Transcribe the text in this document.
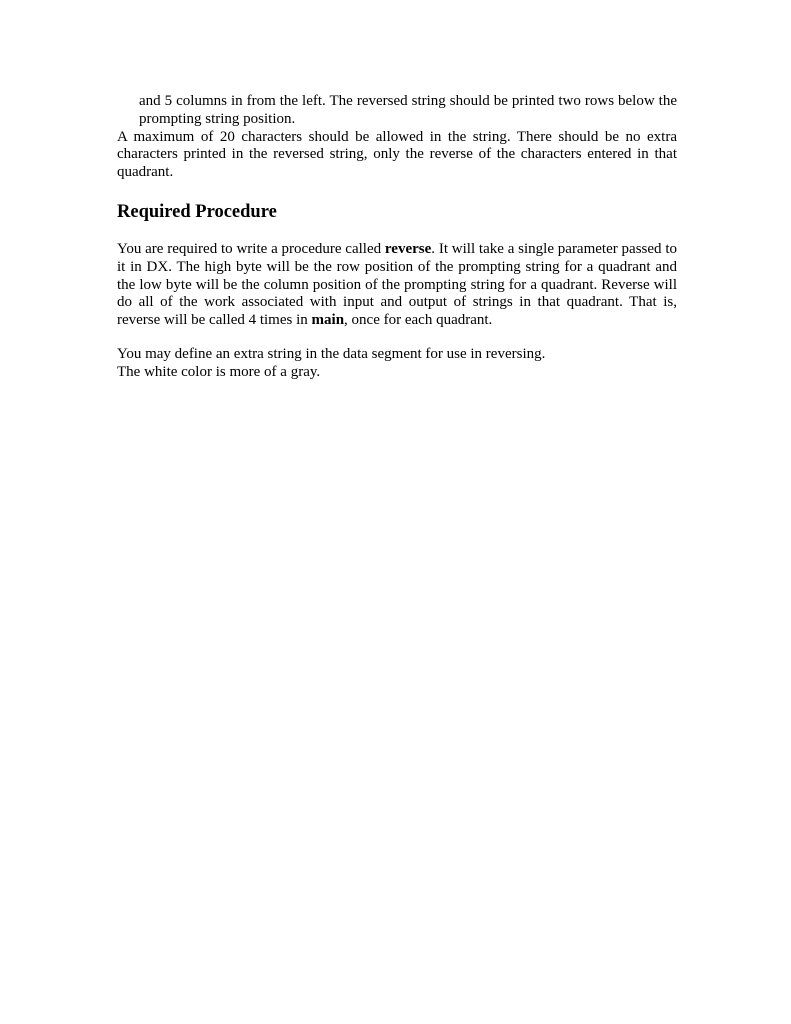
and 5 columns in from the left. The reversed string should be printed two rows below the prompting string position.

A maximum of 20 characters should be allowed in the string. There should be no extra characters printed in the reversed string, only the reverse of the characters entered in that quadrant.

Required Procedure

You are required to write a procedure called reverse. It will take a single parameter passed to it in DX. The high byte will be the row position of the prompting string for a quadrant and the low byte will be the column position of the prompting string for a quadrant. Reverse will do all of the work associated with input and output of strings in that quadrant. That is, reverse will be called 4 times in main, once for each quadrant.

You may define an extra string in the data segment for use in reversing.

The white color is more of a gray.
